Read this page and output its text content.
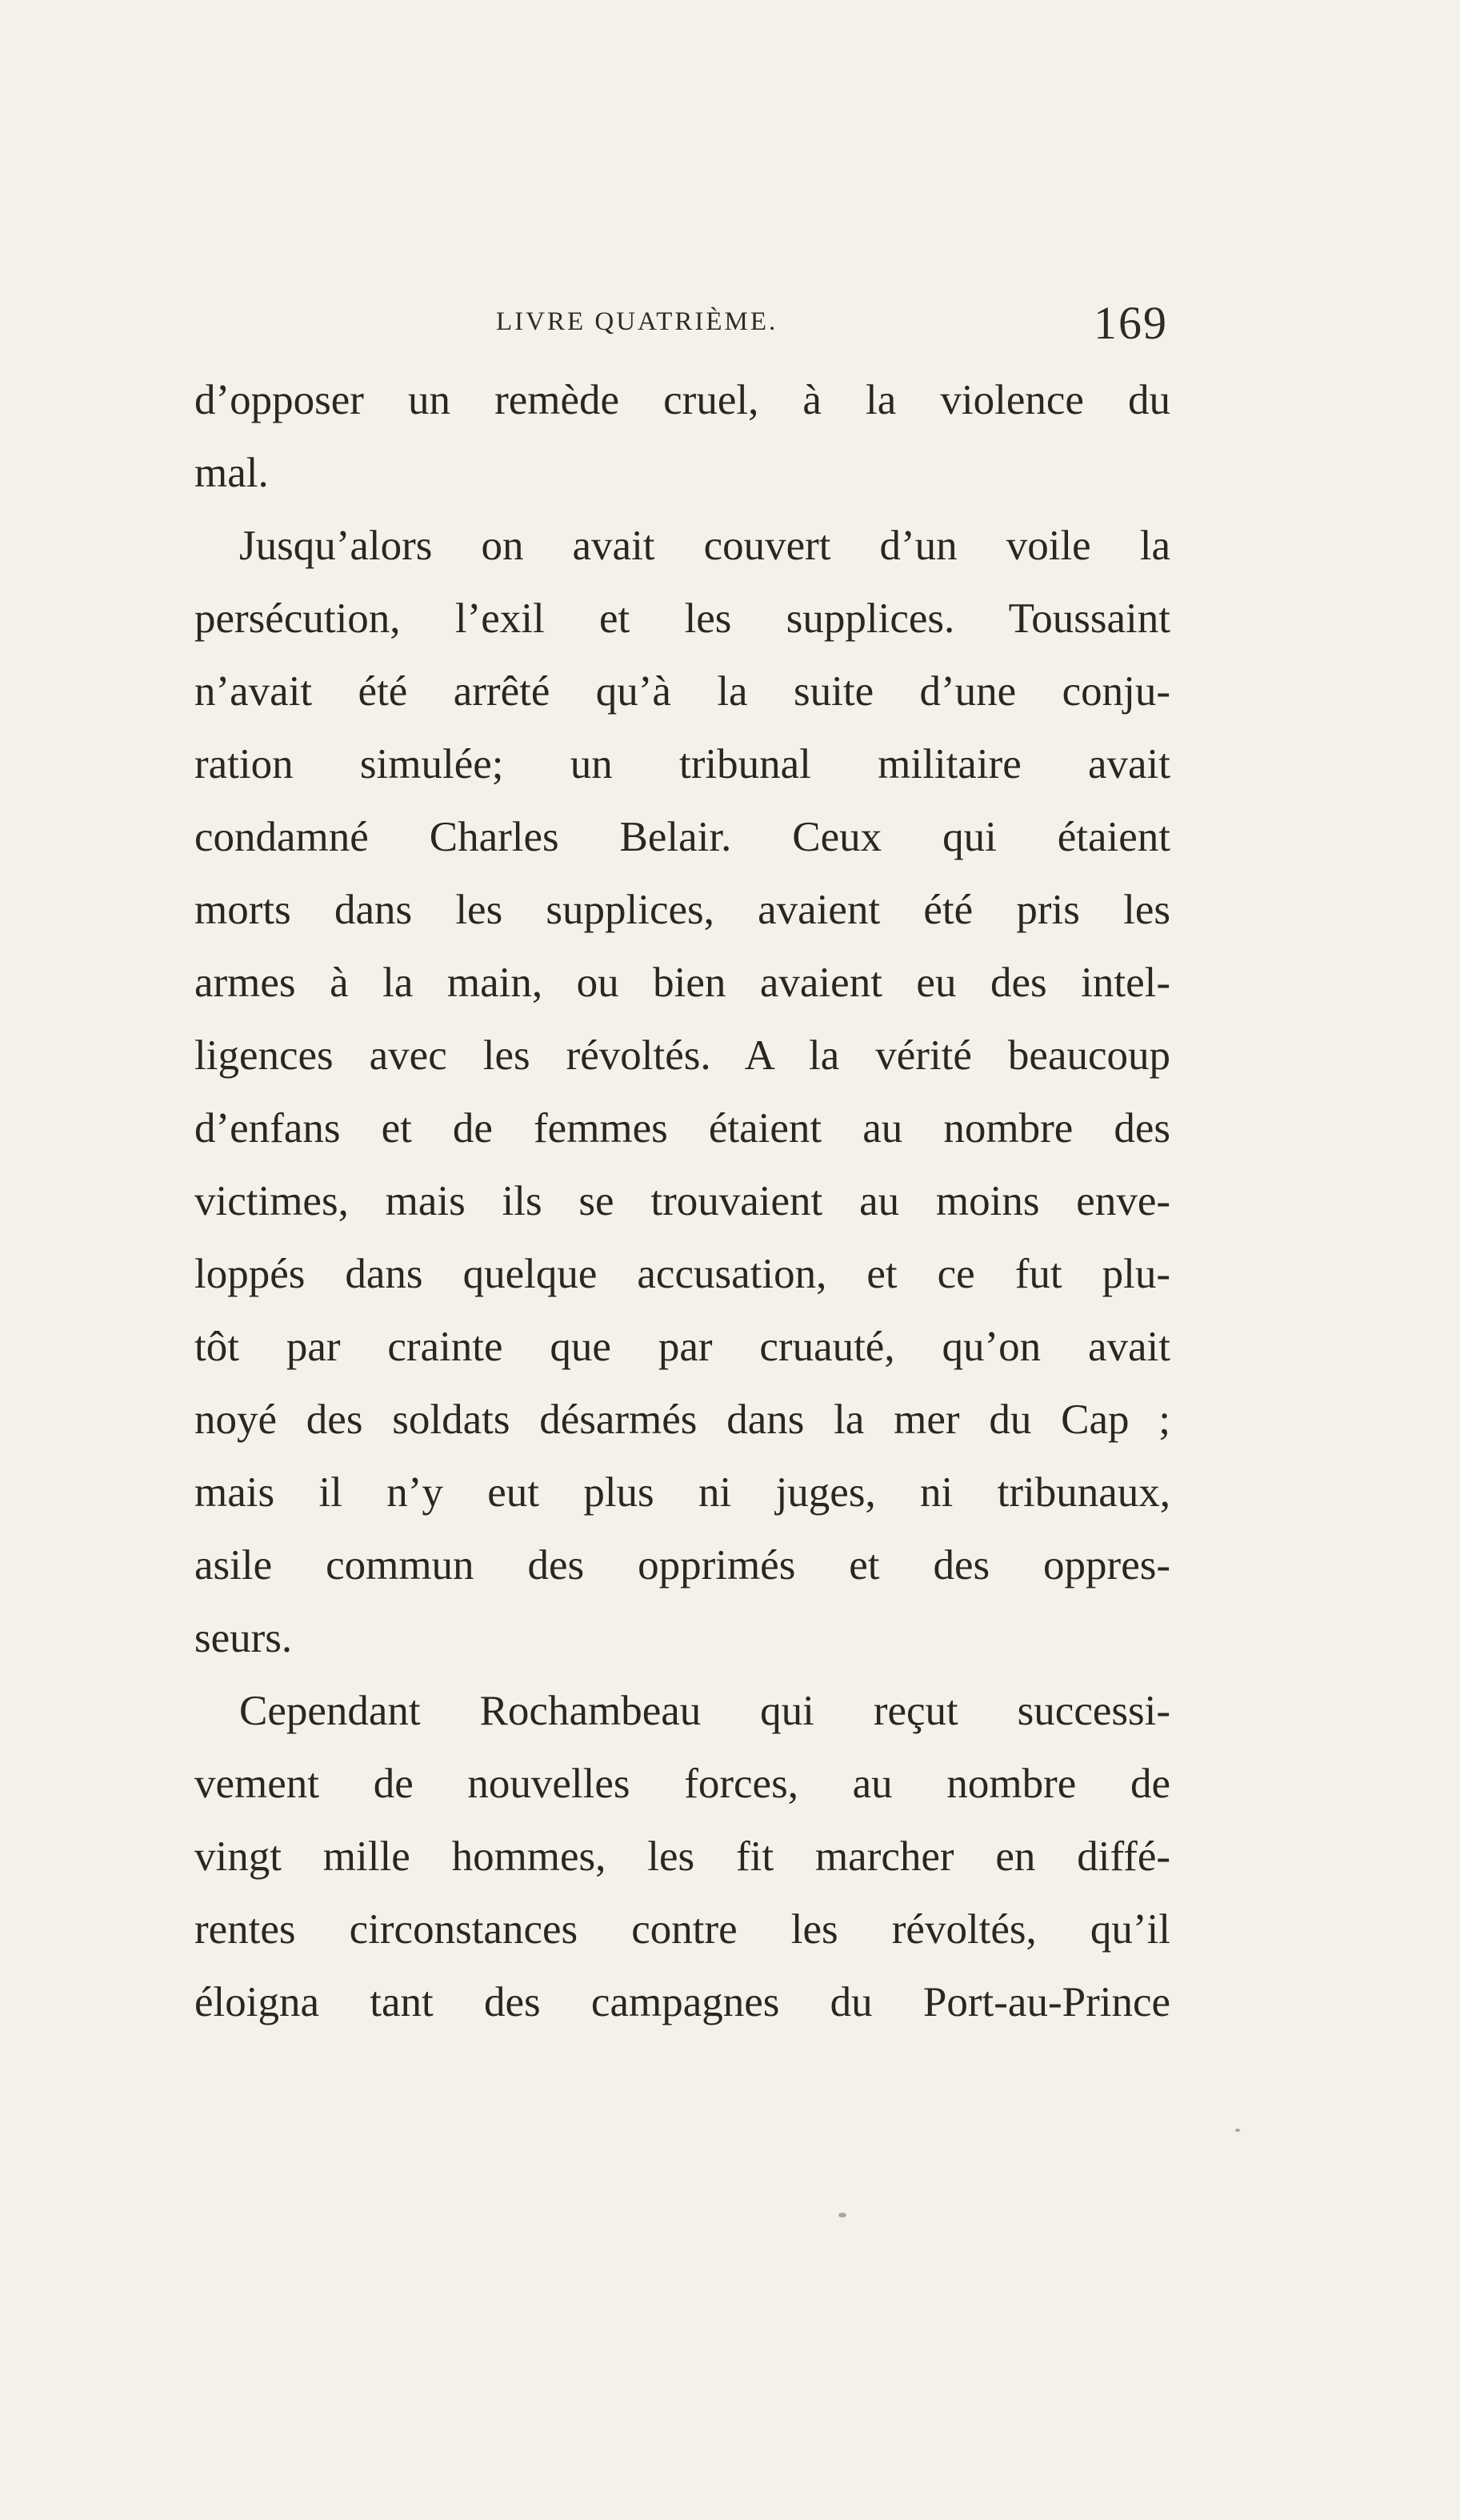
LIVRE QUATRIÈME.	169
d’opposer un remède cruel, à la violence du
mal.
Jusqu’alors on avait couvert d’un voile la
persécution, l’exil et les supplices. Toussaint
n’avait été arrêté qu’à la suite d’une conju-
ration simulée; un tribunal militaire avait
condamné Charles Belair. Ceux qui étaient
morts dans les supplices, avaient été pris les
armes à la main, ou bien avaient eu des intel-
ligences avec les révoltés. A la vérité beaucoup
d’enfans et de femmes étaient au nombre des
victimes, mais ils se trouvaient au moins enve-
loppés dans quelque accusation, et ce fut plu-
tôt par crainte que par cruauté, qu’on avait
noyé des soldats désarmés dans la mer du Cap ;
mais il n’y eut plus ni juges, ni tribunaux,
asile commun des opprimés et des oppres-
seurs.
Cependant Rochambeau qui reçut successi-
vement de nouvelles forces, au nombre de
vingt mille hommes, les fit marcher en diffé-
rentes circonstances contre les révoltés, qu’il
éloigna tant des campagnes du Port-au-Prince
